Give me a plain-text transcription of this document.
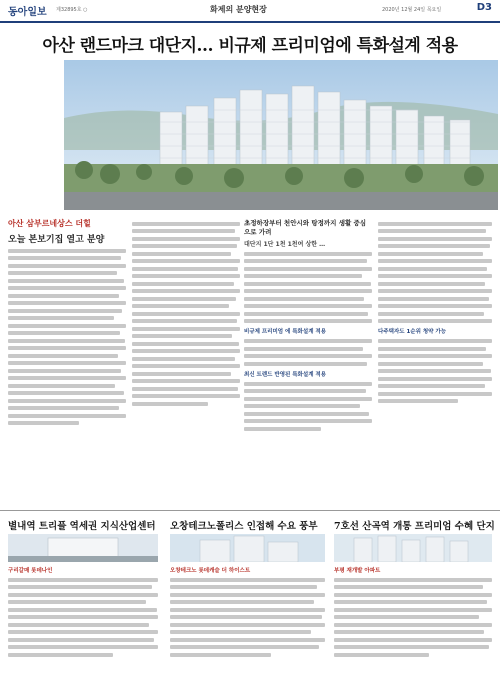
동아일보 제32895호 ○	화제의 분양현장	2020년 12월 24일 목요일	D3
아산 랜드마크 대단지… 비규제 프리미엄에 특화설계 적용
아산 삼부르네상스 더힐
오늘 본보기집 열고 분양
초정하장부터 천안시와 탕정까지 생활 중심으로 가려
대단지 1단 1천 1천여 상한 …
비규제 프리미엄 에 특화설계 적용
최신 트렌드 반영된 특화설계 적용
다주택자도 1순위 청약 가능
별내역 트리플 역세권 지식산업센터 오창테크노폴리스 인접해 수요 풍부 7호선 산곡역 개통 프리미엄 수혜 단지
구리갈매 롯데나인	오창테크노 롯데캐슬 더 하이스트	부평 재개발 아파트
